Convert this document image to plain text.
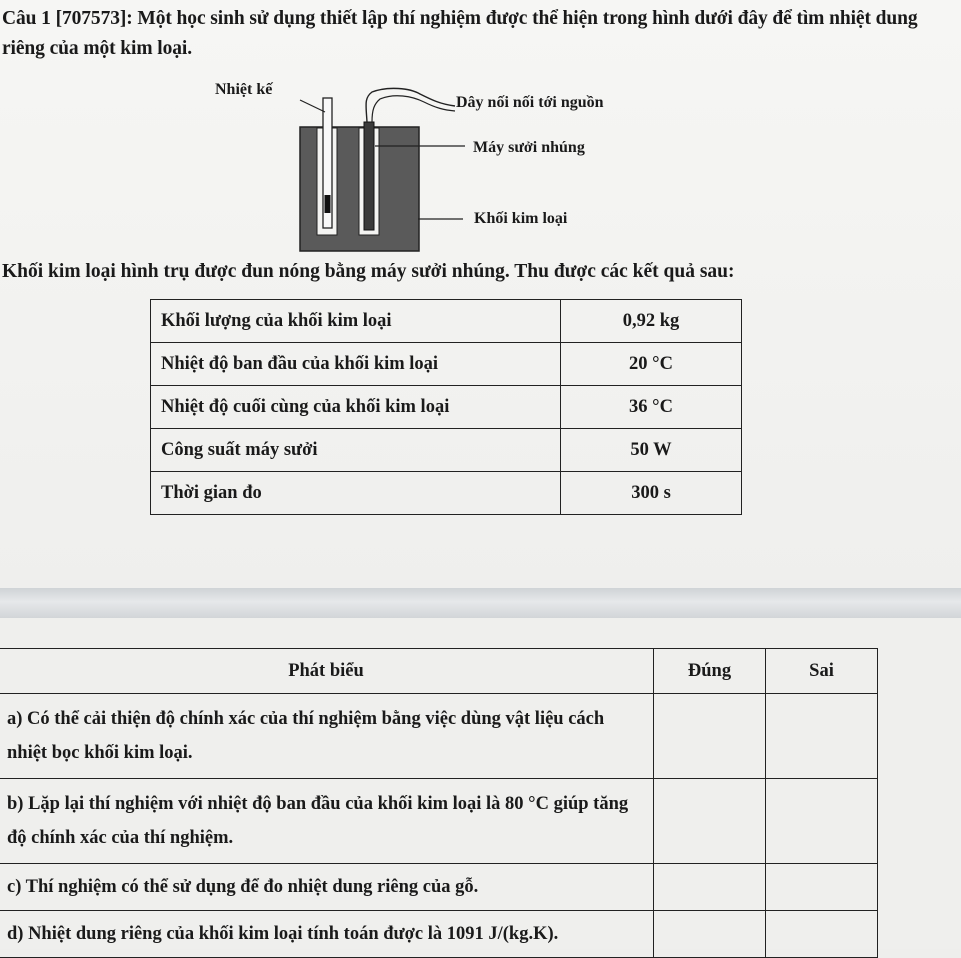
Câu 1 [707573]: Một học sinh sử dụng thiết lập thí nghiệm được thể hiện trong hình dưới đây để tìm nhiệt dung riêng của một kim loại.
Nhiệt kế
Dây nối nối tới nguồn
Máy sưởi nhúng
Khối kim loại
Khối kim loại hình trụ được đun nóng bằng máy sưởi nhúng. Thu được các kết quả sau:
Khối lượng của khối kim loại	0,92 kg
Nhiệt độ ban đầu của khối kim loại	20 °C
Nhiệt độ cuối cùng của khối kim loại	36 °C
Công suất máy sưởi	50 W
Thời gian đo	300 s
Phát biểu	Đúng	Sai
a) Có thể cải thiện độ chính xác của thí nghiệm bằng việc dùng vật liệu cách nhiệt bọc khối kim loại.		
b) Lặp lại thí nghiệm với nhiệt độ ban đầu của khối kim loại là 80 °C giúp tăng độ chính xác của thí nghiệm.		
c) Thí nghiệm có thể sử dụng để đo nhiệt dung riêng của gỗ.		
d) Nhiệt dung riêng của khối kim loại tính toán được là 1091 J/(kg.K).		
